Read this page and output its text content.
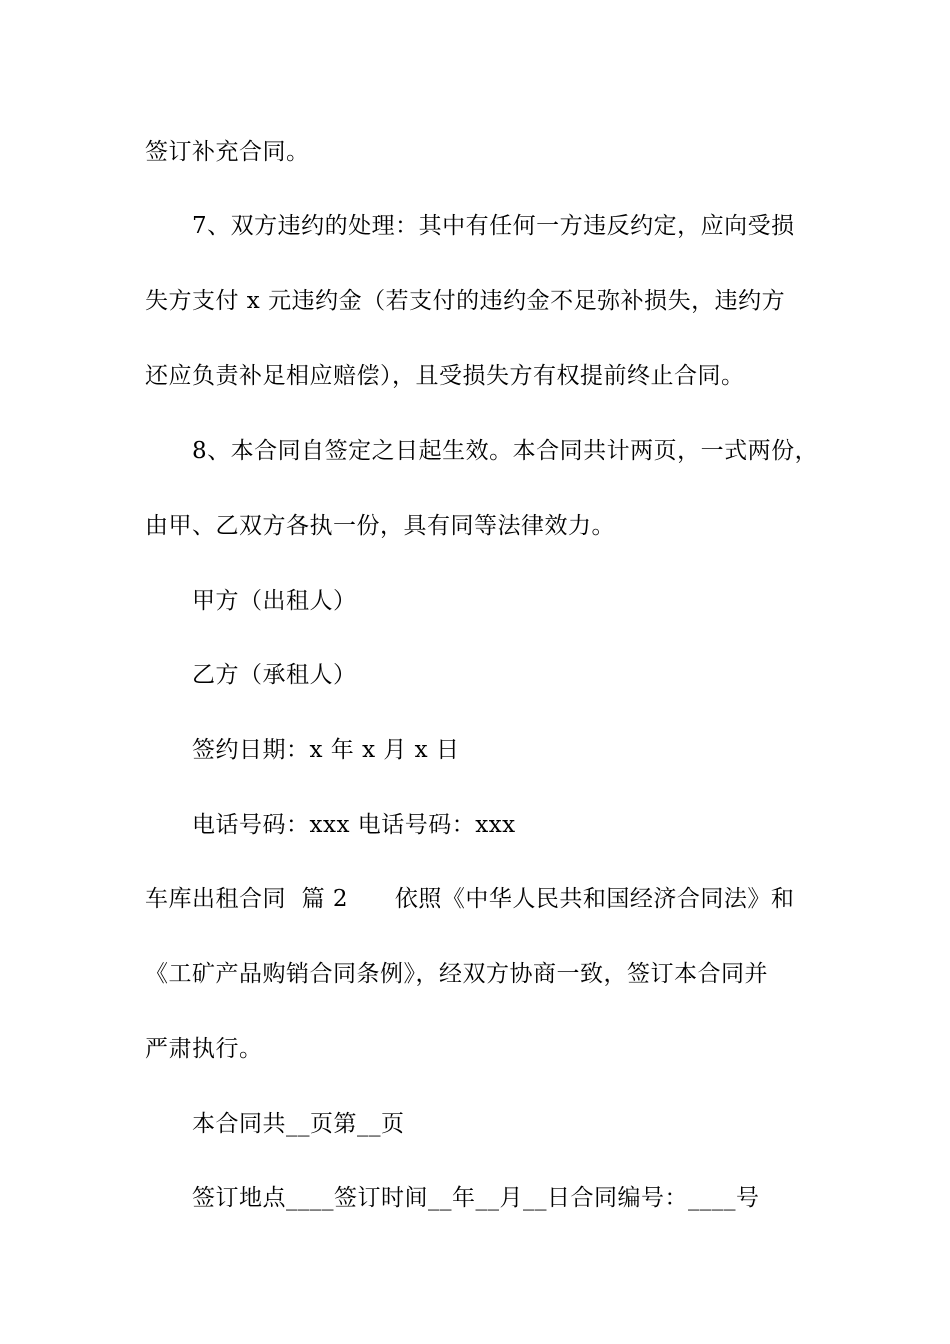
签订补充合同。
7、双方违约的处理：其中有任何一方违反约定，应向受损
失方支付 x 元违约金（若支付的违约金不足弥补损失，违约方
还应负责补足相应赔偿），且受损失方有权提前终止合同。
8、本合同自签定之日起生效。本合同共计两页，一式两份，
由甲、乙双方各执一份，具有同等法律效力。
甲方（出租人）
乙方（承租人）
签约日期：x 年 x 月 x 日
电话号码：xxx 电话号码：xxx
车库出租合同  篇 2      依照《中华人民共和国经济合同法》和
《工矿产品购销合同条例》，经双方协商一致，签订本合同并
严肃执行。
本合同共__页第__页
签订地点____签订时间__年__月__日合同编号：____号
